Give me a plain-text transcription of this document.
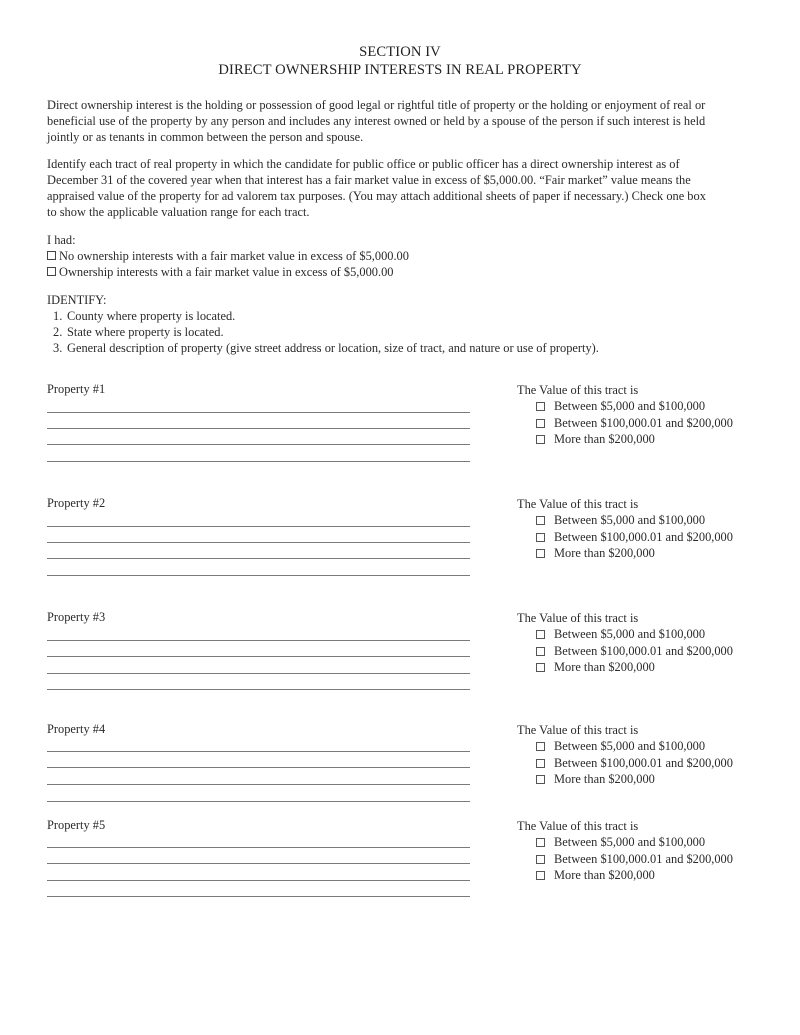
SECTION IV
DIRECT OWNERSHIP INTERESTS IN REAL PROPERTY
Direct ownership interest is the holding or possession of good legal or rightful title of property or the holding or enjoyment of real or
beneficial use of the property by any person and includes any interest owned or held by a spouse of the person if such interest is held
jointly or as tenants in common between the person and spouse.
Identify each tract of real property in which the candidate for public office or public officer has a direct ownership interest as of
December 31 of the covered year when that interest has a fair market value in excess of $5,000.00. “Fair market” value means the
appraised value of the property for ad valorem tax purposes. (You may attach additional sheets of paper if necessary.) Check one box
to show the applicable valuation range for each tract.
I had:
No ownership interests with a fair market value in excess of $5,000.00
Ownership interests with a fair market value in excess of $5,000.00
IDENTIFY:
1. County where property is located.
2. State where property is located.
3. General description of property (give street address or location, size of tract, and nature or use of property).
Property #1	The Value of this tract is
Between $5,000 and $100,000
Between $100,000.01 and $200,000
More than $200,000
Property #2	The Value of this tract is
Between $5,000 and $100,000
Between $100,000.01 and $200,000
More than $200,000
Property #3	The Value of this tract is
Between $5,000 and $100,000
Between $100,000.01 and $200,000
More than $200,000
Property #4	The Value of this tract is
Between $5,000 and $100,000
Between $100,000.01 and $200,000
More than $200,000
Property #5	The Value of this tract is
Between $5,000 and $100,000
Between $100,000.01 and $200,000
More than $200,000
